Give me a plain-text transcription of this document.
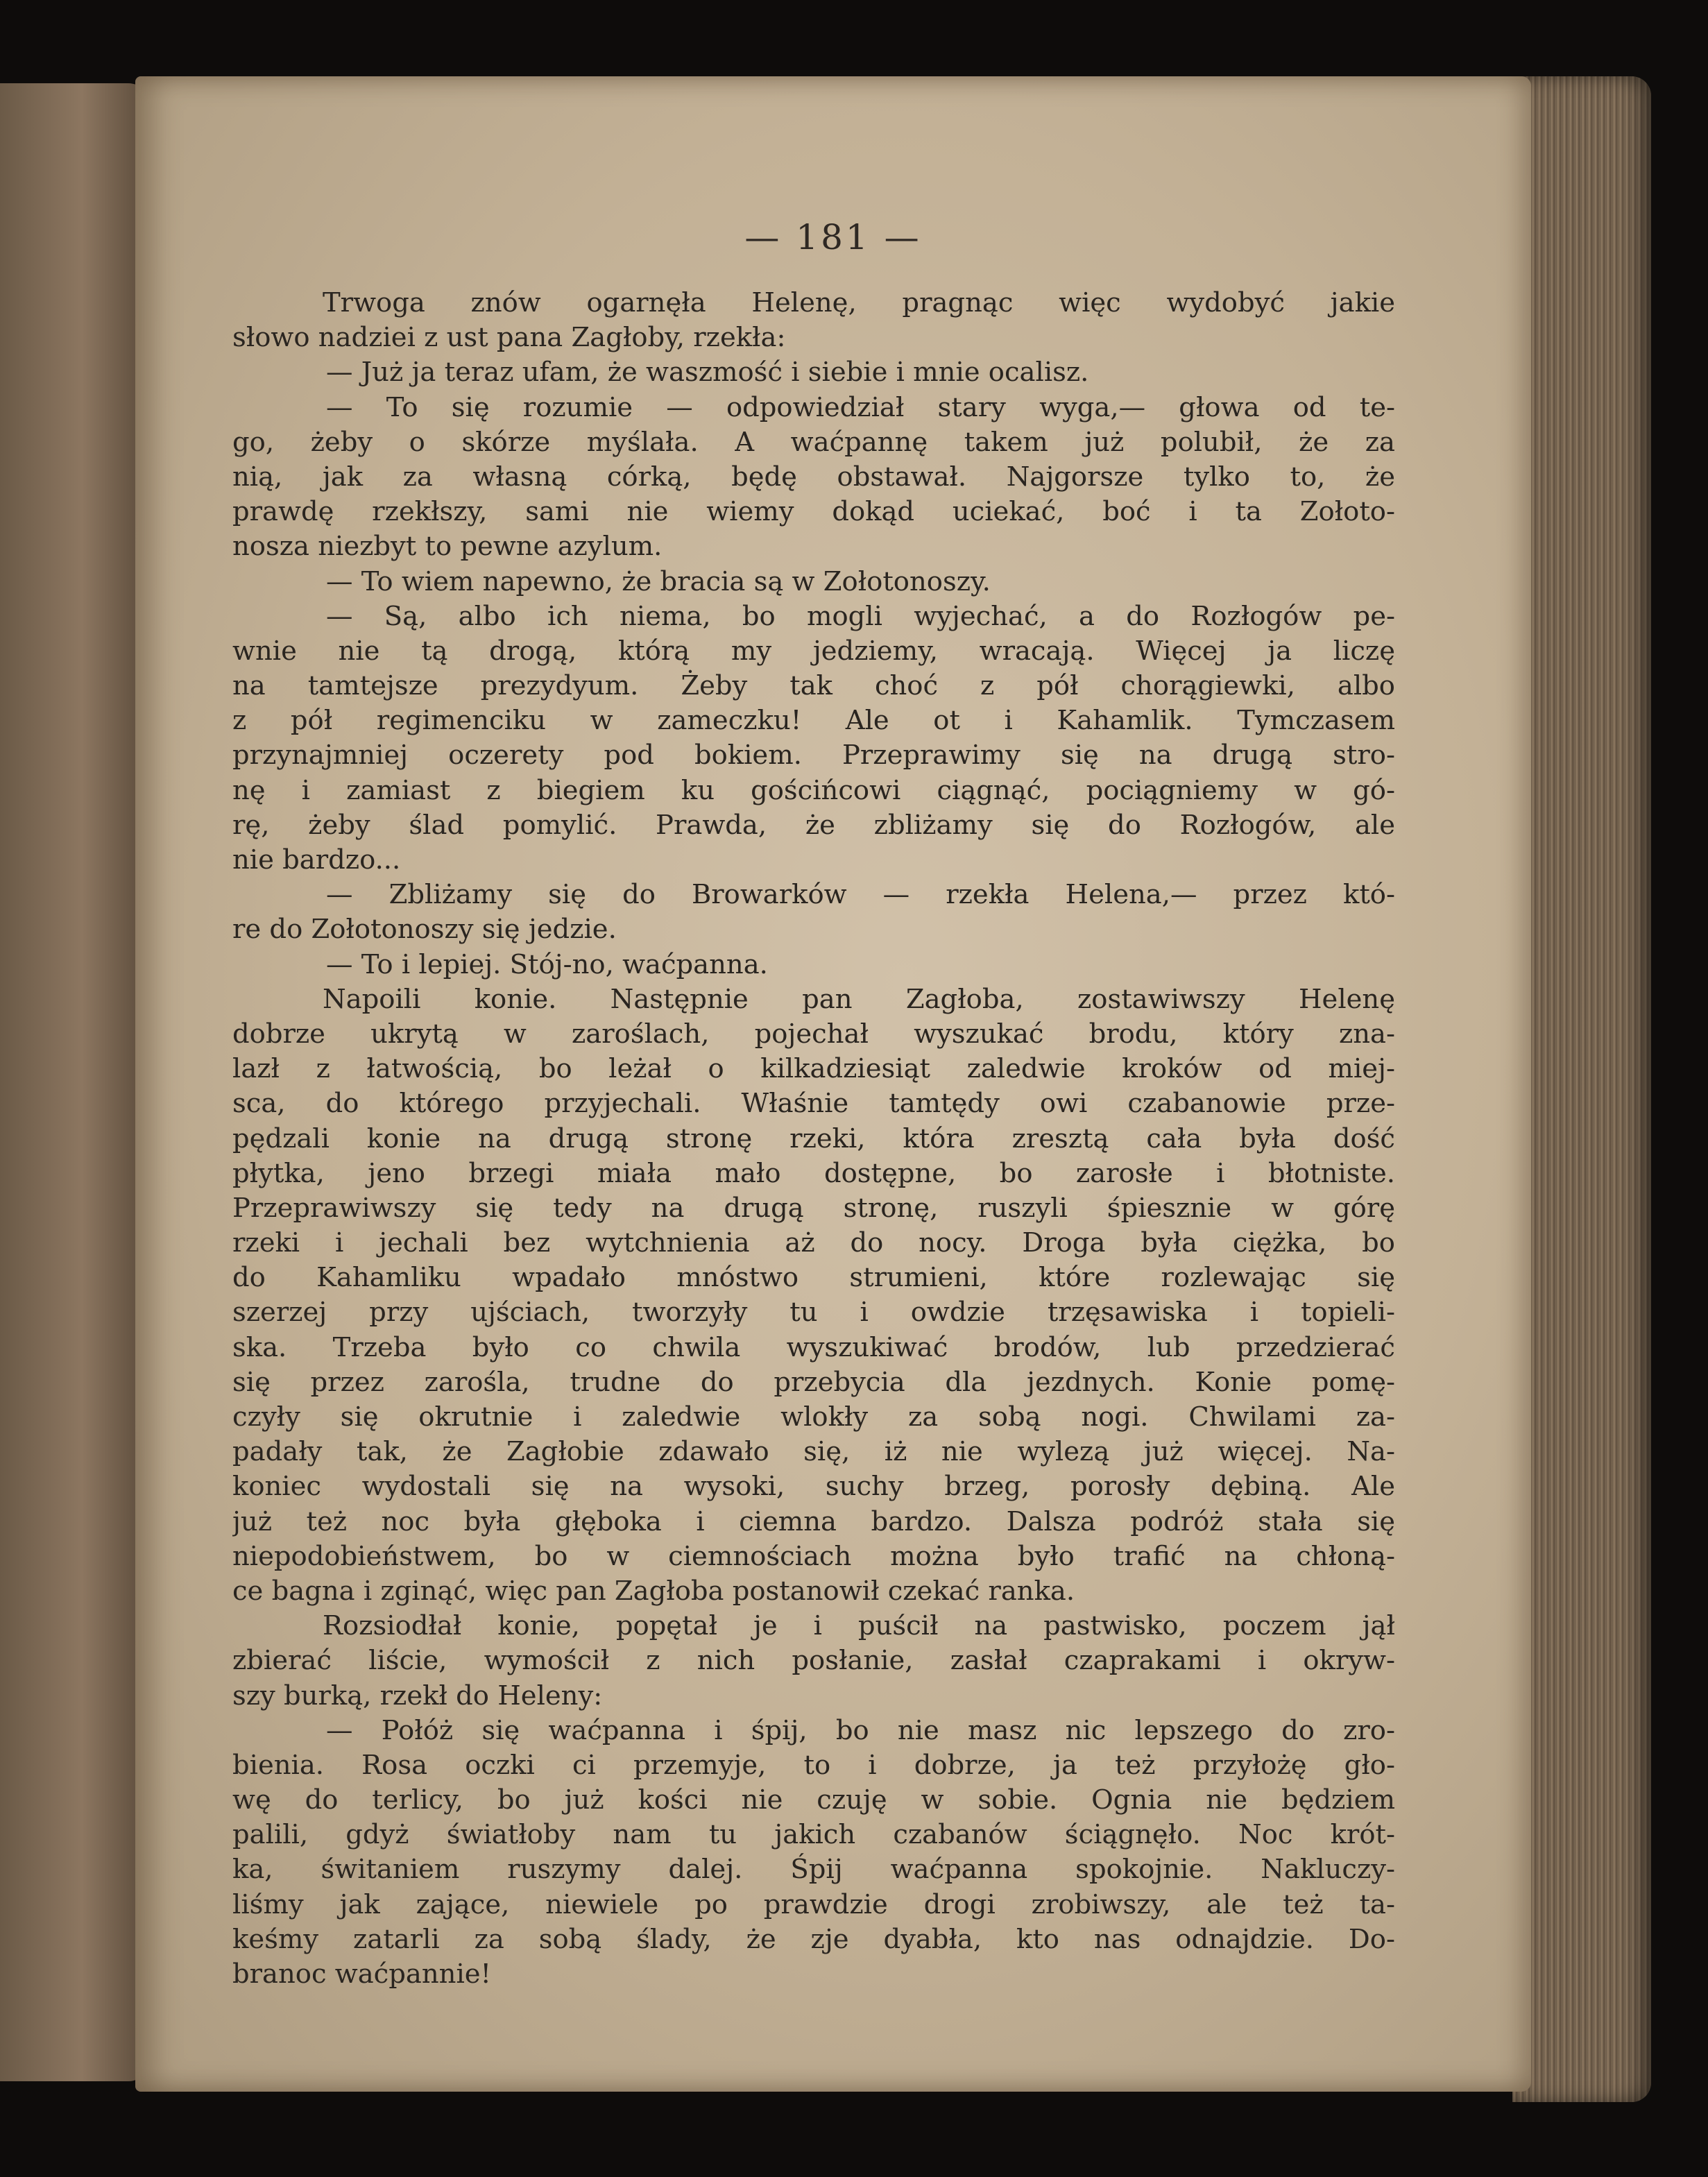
— 181 —
Trwoga znów ogarnęła Helenę, pragnąc więc wydobyć jakie
słowo nadziei z ust pana Zagłoby, rzekła:
— Już ja teraz ufam, że waszmość i siebie i mnie ocalisz.
— To się rozumie — odpowiedział stary wyga,— głowa od te-
go, żeby o skórze myślała. A waćpannę takem już polubił, że za
nią, jak za własną córką, będę obstawał. Najgorsze tylko to, że
prawdę rzekłszy, sami nie wiemy dokąd uciekać, boć i ta Zołoto-
nosza niezbyt to pewne azylum.
— To wiem napewno, że bracia są w Zołotonoszy.
— Są, albo ich niema, bo mogli wyjechać, a do Rozłogów pe-
wnie nie tą drogą, którą my jedziemy, wracają. Więcej ja liczę
na tamtejsze prezydyum. Żeby tak choć z pół chorągiewki, albo
z pół regimenciku w zameczku! Ale ot i Kahamlik. Tymczasem
przynajmniej oczerety pod bokiem. Przeprawimy się na drugą stro-
nę i zamiast z biegiem ku gościńcowi ciągnąć, pociągniemy w gó-
rę, żeby ślad pomylić. Prawda, że zbliżamy się do Rozłogów, ale
nie bardzo...
— Zbliżamy się do Browarków — rzekła Helena,— przez któ-
re do Zołotonoszy się jedzie.
— To i lepiej. Stój-no, waćpanna.
Napoili konie. Następnie pan Zagłoba, zostawiwszy Helenę
dobrze ukrytą w zaroślach, pojechał wyszukać brodu, który zna-
lazł z łatwością, bo leżał o kilkadziesiąt zaledwie kroków od miej-
sca, do którego przyjechali. Właśnie tamtędy owi czabanowie prze-
pędzali konie na drugą stronę rzeki, która zresztą cała była dość
płytka, jeno brzegi miała mało dostępne, bo zarosłe i błotniste.
Przeprawiwszy się tedy na drugą stronę, ruszyli śpiesznie w górę
rzeki i jechali bez wytchnienia aż do nocy. Droga była ciężka, bo
do Kahamliku wpadało mnóstwo strumieni, które rozlewając się
szerzej przy ujściach, tworzyły tu i owdzie trzęsawiska i topieli-
ska. Trzeba było co chwila wyszukiwać brodów, lub przedzierać
się przez zarośla, trudne do przebycia dla jezdnych. Konie pomę-
czyły się okrutnie i zaledwie wlokły za sobą nogi. Chwilami za-
padały tak, że Zagłobie zdawało się, iż nie wylezą już więcej. Na-
koniec wydostali się na wysoki, suchy brzeg, porosły dębiną. Ale
już też noc była głęboka i ciemna bardzo. Dalsza podróż stała się
niepodobieństwem, bo w ciemnościach można było trafić na chłoną-
ce bagna i zginąć, więc pan Zagłoba postanowił czekać ranka.
Rozsiodłał konie, popętał je i puścił na pastwisko, poczem jął
zbierać liście, wymościł z nich posłanie, zasłał czaprakami i okryw-
szy burką, rzekł do Heleny:
— Połóż się waćpanna i śpij, bo nie masz nic lepszego do zro-
bienia. Rosa oczki ci przemyje, to i dobrze, ja też przyłożę gło-
wę do terlicy, bo już kości nie czuję w sobie. Ognia nie będziem
palili, gdyż światłoby nam tu jakich czabanów ściągnęło. Noc krót-
ka, świtaniem ruszymy dalej. Śpij waćpanna spokojnie. Nakluczy-
liśmy jak zające, niewiele po prawdzie drogi zrobiwszy, ale też ta-
keśmy zatarli za sobą ślady, że zje dyabła, kto nas odnajdzie. Do-
branoc waćpannie!
